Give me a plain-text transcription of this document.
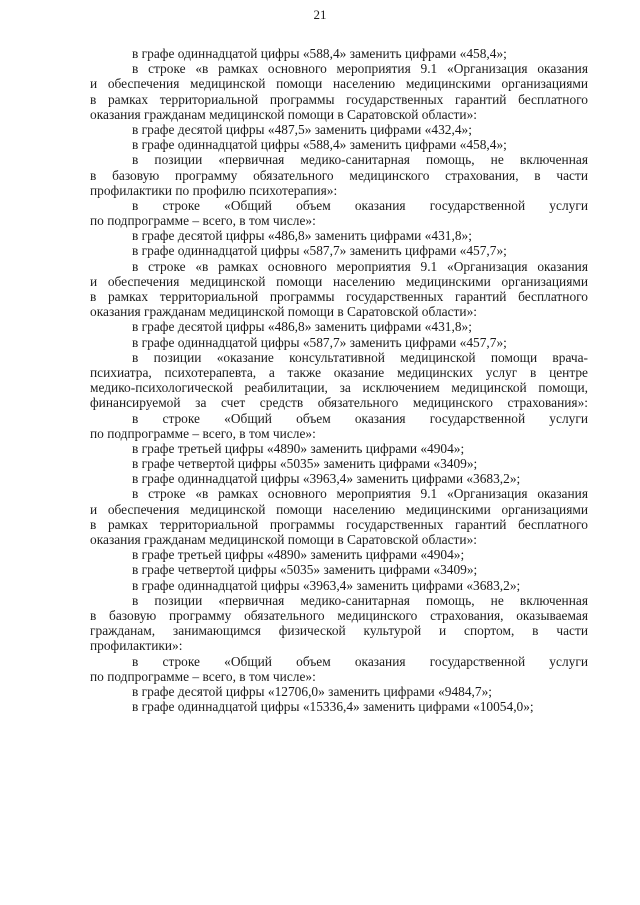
21
в графе одиннадцатой цифры «588,4» заменить цифрами «458,4»;
в строке «в рамках основного мероприятия 9.1 «Организация оказания
и обеспечения медицинской помощи населению медицинскими организациями
в рамках территориальной программы государственных гарантий бесплатного
оказания гражданам медицинской помощи в Саратовской области»:
в графе десятой цифры «487,5» заменить цифрами «432,4»;
в графе одиннадцатой цифры «588,4» заменить цифрами «458,4»;
в позиции «первичная медико-санитарная помощь, не включенная
в базовую программу обязательного медицинского страхования, в части
профилактики по профилю психотерапия»:
в строке «Общий объем оказания государственной услуги
по подпрограмме – всего, в том числе»:
в графе десятой цифры «486,8» заменить цифрами «431,8»;
в графе одиннадцатой цифры «587,7» заменить цифрами «457,7»;
в строке «в рамках основного мероприятия 9.1 «Организация оказания
и обеспечения медицинской помощи населению медицинскими организациями
в рамках территориальной программы государственных гарантий бесплатного
оказания гражданам медицинской помощи в Саратовской области»:
в графе десятой цифры «486,8» заменить цифрами «431,8»;
в графе одиннадцатой цифры «587,7» заменить цифрами «457,7»;
в позиции «оказание консультативной медицинской помощи врача-
психиатра, психотерапевта, а также оказание медицинских услуг в центре
медико-психологической реабилитации, за исключением медицинской помощи,
финансируемой за счет средств обязательного медицинского страхования»:
в строке «Общий объем оказания государственной услуги
по подпрограмме – всего, в том числе»:
в графе третьей цифры «4890» заменить цифрами «4904»;
в графе четвертой цифры «5035» заменить цифрами «3409»;
в графе одиннадцатой цифры «3963,4» заменить цифрами «3683,2»;
в строке «в рамках основного мероприятия 9.1 «Организация оказания
и обеспечения медицинской помощи населению медицинскими организациями
в рамках территориальной программы государственных гарантий бесплатного
оказания гражданам медицинской помощи в Саратовской области»:
в графе третьей цифры «4890» заменить цифрами «4904»;
в графе четвертой цифры «5035» заменить цифрами «3409»;
в графе одиннадцатой цифры «3963,4» заменить цифрами «3683,2»;
в позиции «первичная медико-санитарная помощь, не включенная
в базовую программу обязательного медицинского страхования, оказываемая
гражданам, занимающимся физической культурой и спортом, в части
профилактики»:
в строке «Общий объем оказания государственной услуги
по подпрограмме – всего, в том числе»:
в графе десятой цифры «12706,0» заменить цифрами «9484,7»;
в графе одиннадцатой цифры «15336,4» заменить цифрами «10054,0»;
